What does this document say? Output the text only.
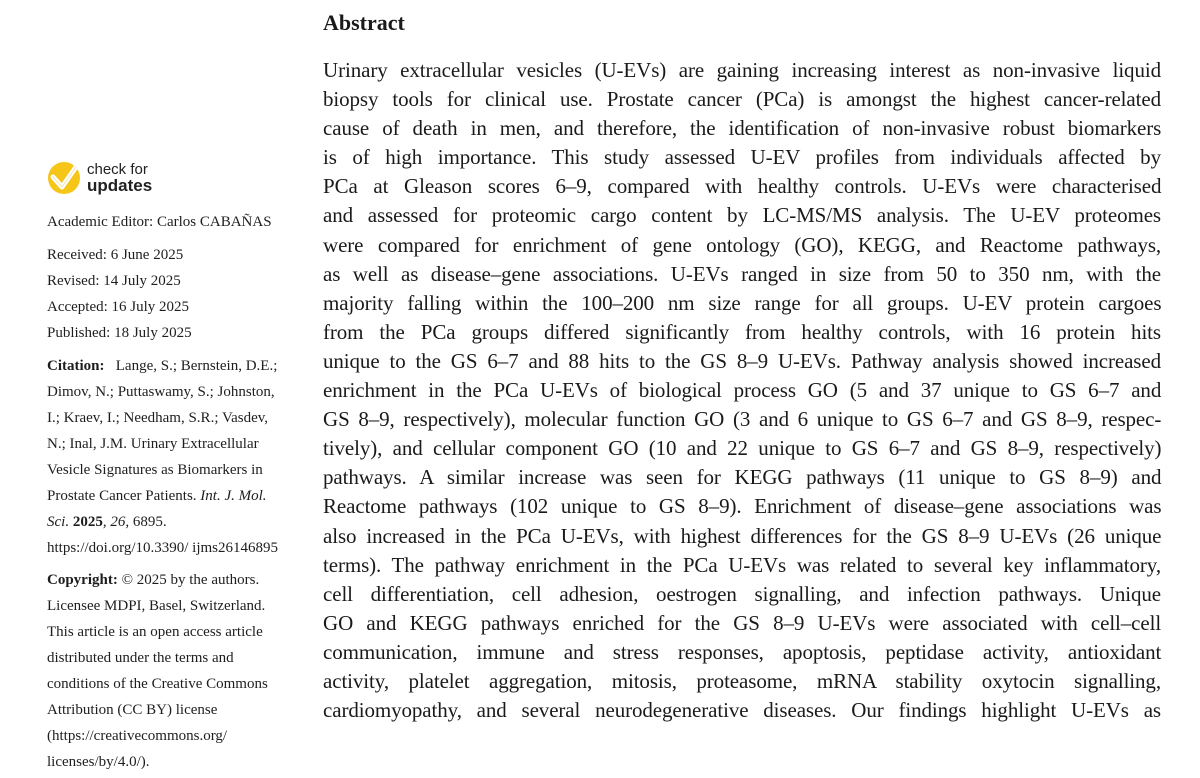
check for
updates
Academic Editor: Carlos CABAÑAS
Received: 6 June 2025
Revised: 14 July 2025
Accepted: 16 July 2025
Published: 18 July 2025
Citation: Lange, S.; Bernstein, D.E.; Dimov, N.; Puttaswamy, S.; Johnston, I.; Kraev, I.; Needham, S.R.; Vasdev, N.; Inal, J.M. Urinary Extracellular Vesicle Signatures as Biomarkers in Prostate Cancer Patients. Int. J. Mol. Sci. 2025, 26, 6895.  https://doi.org/10.3390/ ijms26146895
Copyright: © 2025 by the authors. Licensee MDPI, Basel, Switzerland. This article is an open access article distributed under the terms and conditions of the Creative Commons Attribution (CC BY) license (https://creativecommons.org/ licenses/by/4.0/).
Abstract

Urinary extracellular vesicles (U-EVs) are gaining increasing interest as non-invasive liquid
biopsy tools for clinical use. Prostate cancer (PCa) is amongst the highest cancer-related
cause of death in men, and therefore, the identification of non-invasive robust biomarkers
is of high importance. This study assessed U-EV profiles from individuals affected by
PCa at Gleason scores 6–9, compared with healthy controls. U-EVs were characterised
and assessed for proteomic cargo content by LC-MS/MS analysis. The U-EV proteomes
were compared for enrichment of gene ontology (GO), KEGG, and Reactome pathways,
as well as disease–gene associations. U-EVs ranged in size from 50 to 350 nm, with the
majority falling within the 100–200 nm size range for all groups. U-EV protein cargoes
from the PCa groups differed significantly from healthy controls, with 16 protein hits
unique to the GS 6–7 and 88 hits to the GS 8–9 U-EVs. Pathway analysis showed increased
enrichment in the PCa U-EVs of biological process GO (5 and 37 unique to GS 6–7 and
GS 8–9, respectively), molecular function GO (3 and 6 unique to GS 6–7 and GS 8–9, respec-
tively), and cellular component GO (10 and 22 unique to GS 6–7 and GS 8–9, respectively)
pathways. A similar increase was seen for KEGG pathways (11 unique to GS 8–9) and
Reactome pathways (102 unique to GS 8–9). Enrichment of disease–gene associations was
also increased in the PCa U-EVs, with highest differences for the GS 8–9 U-EVs (26 unique
terms). The pathway enrichment in the PCa U-EVs was related to several key inflammatory,
cell differentiation, cell adhesion, oestrogen signalling, and infection pathways. Unique
GO and KEGG pathways enriched for the GS 8–9 U-EVs were associated with cell–cell
communication, immune and stress responses, apoptosis, peptidase activity, antioxidant
activity, platelet aggregation, mitosis, proteasome, mRNA stability oxytocin signalling,
cardiomyopathy, and several neurodegenerative diseases. Our findings highlight U-EVs as
